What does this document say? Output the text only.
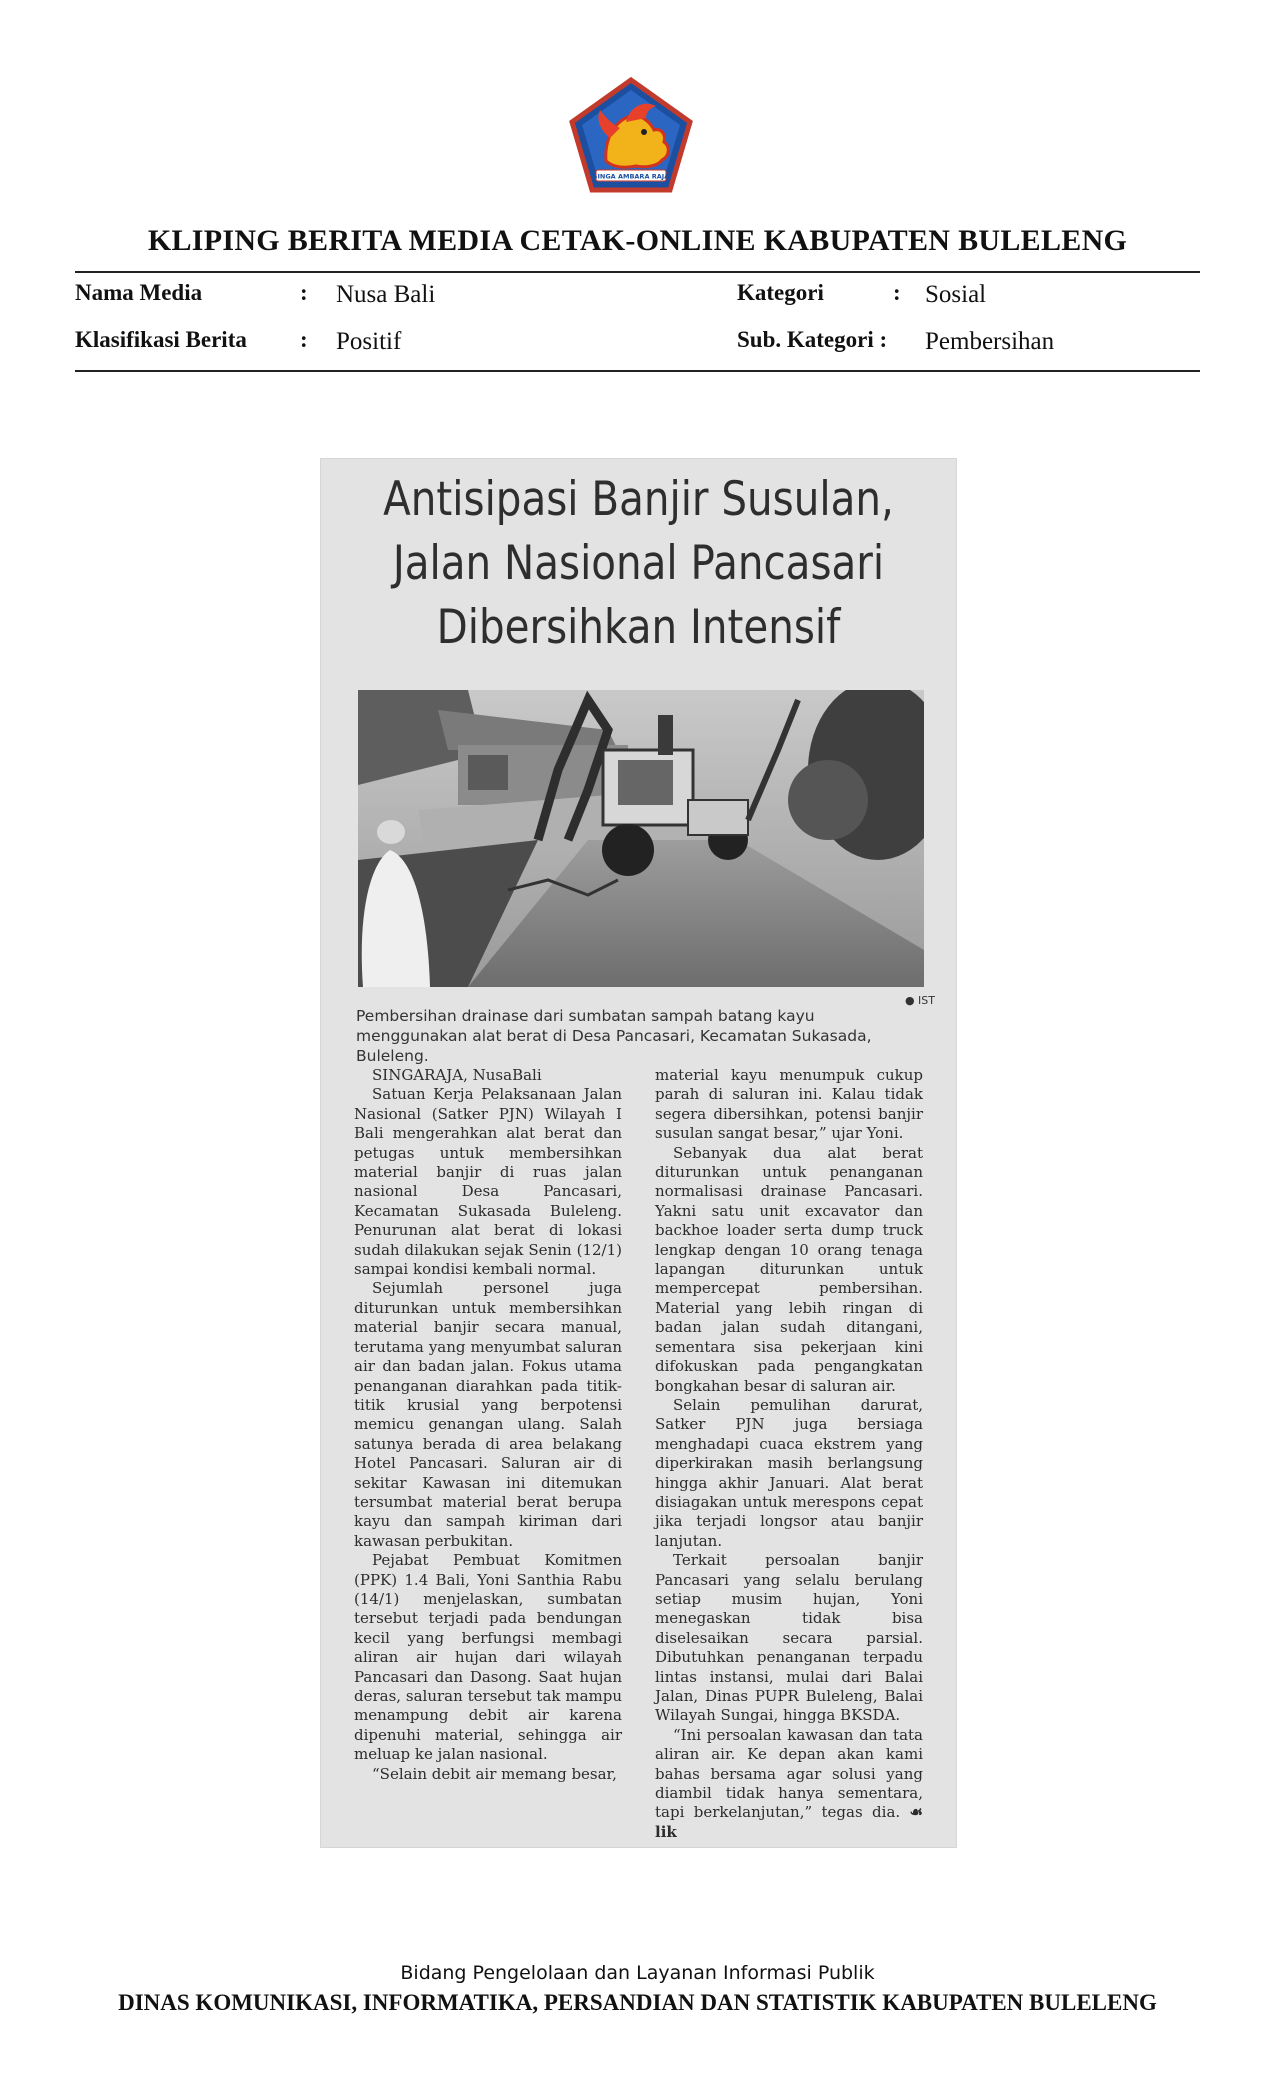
SINGA AMBARA RAJA
KLIPING BERITA MEDIA CETAK-ONLINE KABUPATEN BULELENG
Nama Media	: Nusa Bali
Klasifikasi Berita : Positif
Kategori	: Sosial
Sub. Kategori : Pembersihan
Antisipasi Banjir Susulan,
Jalan Nasional Pancasari
Dibersihkan Intensif
● IST
Pembersihan drainase dari sumbatan sampah batang kayu menggunakan alat berat di Desa Pancasari, Kecamatan Sukasada, Buleleng.

SINGARAJA, NusaBali

Satuan Kerja Pelaksanaan Jalan Nasional (Satker PJN) Wilayah I Bali mengerahkan alat berat dan petugas untuk membersihkan material banjir di ruas jalan nasional Desa Pancasari, Kecamatan Sukasada Buleleng. Penurunan alat berat di lokasi sudah dilakukan sejak Senin (12/1) sampai kondisi kembali normal.

Sejumlah personel juga diturunkan untuk membersihkan material banjir secara manual, terutama yang menyumbat saluran air dan badan jalan. Fokus utama penanganan diarahkan pada titik-titik krusial yang berpotensi memicu genangan ulang. Salah satunya berada di area belakang Hotel Pancasari. Saluran air di sekitar Kawasan ini ditemukan tersumbat material berat berupa kayu dan sampah kiriman dari kawasan perbukitan.

Pejabat Pembuat Komitmen (PPK) 1.4 Bali, Yoni Santhia Rabu (14/1) menjelaskan, sumbatan tersebut terjadi pada bendungan kecil yang berfungsi membagi aliran air hujan dari wilayah Pancasari dan Dasong. Saat hujan deras, saluran tersebut tak mampu menampung debit air karena dipenuhi material, sehingga air meluap ke jalan nasional.

“Selain debit air memang besar,

material kayu menumpuk cukup parah di saluran ini. Kalau tidak segera dibersihkan, potensi banjir susulan sangat besar,” ujar Yoni.

Sebanyak dua alat berat diturunkan untuk penanganan normalisasi drainase Pancasari. Yakni satu unit excavator dan backhoe loader serta dump truck lengkap dengan 10 orang tenaga lapangan diturunkan untuk mempercepat pembersihan. Material yang lebih ringan di badan jalan sudah ditangani, sementara sisa pekerjaan kini difokuskan pada pengangkatan bongkahan besar di saluran air.

Selain pemulihan darurat, Satker PJN juga bersiaga menghadapi cuaca ekstrem yang diperkirakan masih berlangsung hingga akhir Januari. Alat berat disiagakan untuk merespons cepat jika terjadi longsor atau banjir lanjutan.

Terkait persoalan banjir Pancasari yang selalu berulang setiap musim hujan, Yoni menegaskan tidak bisa diselesaikan secara parsial. Dibutuhkan penanganan terpadu lintas instansi, mulai dari Balai Jalan, Dinas PUPR Buleleng, Balai Wilayah Sungai, hingga BKSDA.

“Ini persoalan kawasan dan tata aliran air. Ke depan akan kami bahas bersama agar solusi yang diambil tidak hanya sementara, tapi berkelanjutan,” tegas dia. ☙ lik

Bidang Pengelolaan dan Layanan Informasi Publik
DINAS KOMUNIKASI, INFORMATIKA, PERSANDIAN DAN STATISTIK KABUPATEN BULELENG
